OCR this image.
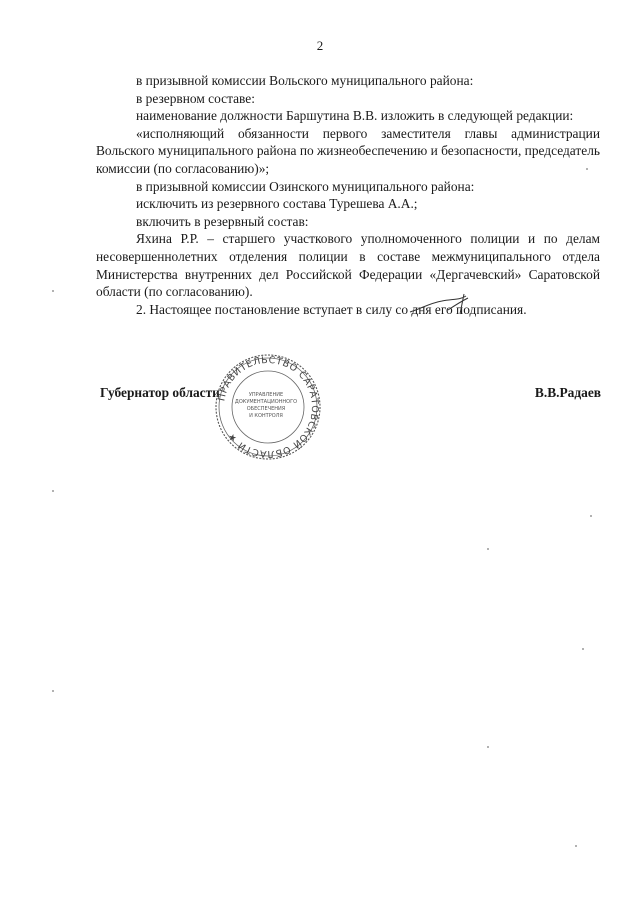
2

в призывной комиссии Вольского муниципального района:

в резервном составе:

наименование должности Баршутина В.В. изложить в следующей редакции:

«исполняющий обязанности первого заместителя главы администрации Вольского муниципального района по жизнеобеспечению и безопасности, председатель комиссии (по согласованию)»;

в призывной комиссии Озинского муниципального района:

исключить из резервного состава Турешева А.А.;

включить в резервный состав:

Яхина Р.Р. – старшего участкового уполномоченного полиции и по делам несовершеннолетних отделения полиции в составе межмуниципального отдела Министерства внутренних дел Российской Федерации «Дергачевский» Саратовской области (по согласованию).

2. Настоящее постановление вступает в силу со дня его подписания.

Губернатор области	В.В.Радаев
ПРАВИТЕЛЬСТВО САРАТОВСКОЙ ОБЛАСТИ ★
УПРАВЛЕНИЕ
ДОКУМЕНТАЦИОННОГО
ОБЕСПЕЧЕНИЯ
И КОНТРОЛЯ
